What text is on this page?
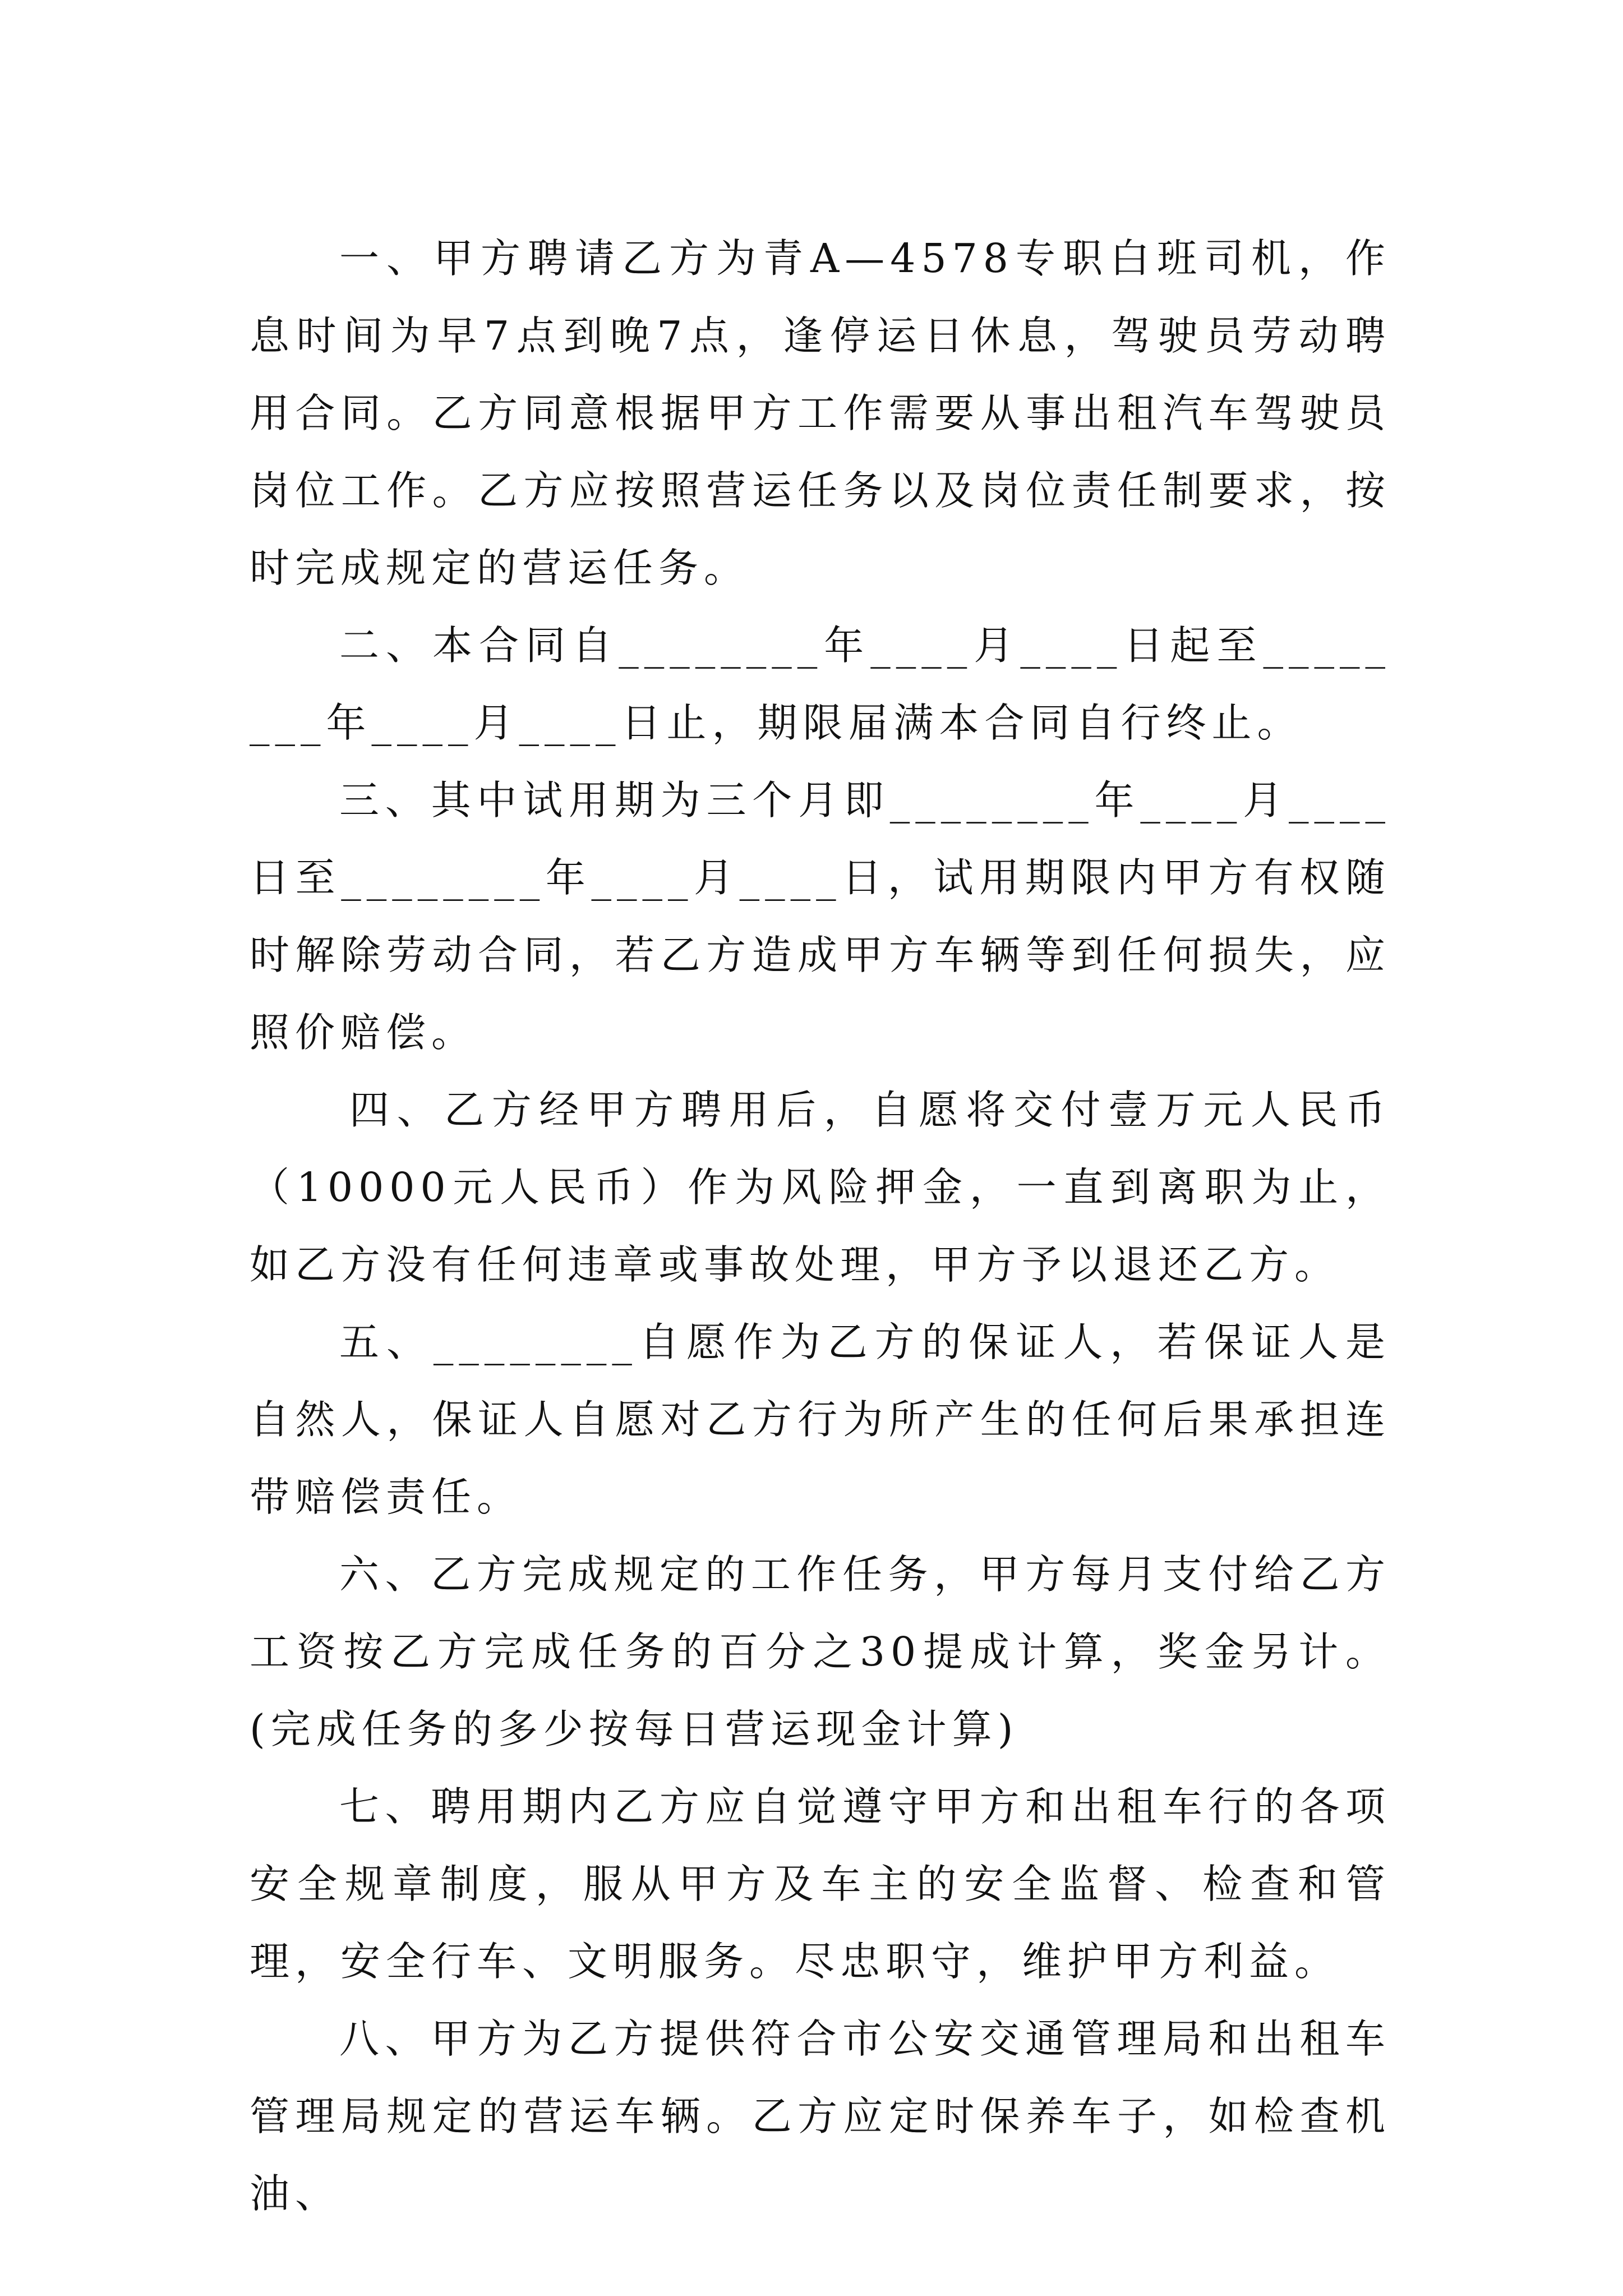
一、甲方聘请乙方为青A—4578专职白班司机，作息时间为早7点到晚7点，逢停运日休息，驾驶员劳动聘用合同。乙方同意根据甲方工作需要从事出租汽车驾驶员岗位工作。乙方应按照营运任务以及岗位责任制要求，按时完成规定的营运任务。

二、本合同自________年____月____日起至________年____月____日止，期限届满本合同自行终止。

三、其中试用期为三个月即________年____月____日至________年____月____日，试用期限内甲方有权随时解除劳动合同，若乙方造成甲方车辆等到任何损失，应照价赔偿。

四、乙方经甲方聘用后，自愿将交付壹万元人民币（10000元人民币）作为风险押金，一直到离职为止，如乙方没有任何违章或事故处理，甲方予以退还乙方。

五、________自愿作为乙方的保证人，若保证人是自然人，保证人自愿对乙方行为所产生的任何后果承担连带赔偿责任。

六、乙方完成规定的工作任务，甲方每月支付给乙方工资按乙方完成任务的百分之30提成计算，奖金另计。(完成任务的多少按每日营运现金计算)

七、聘用期内乙方应自觉遵守甲方和出租车行的各项安全规章制度，服从甲方及车主的安全监督、检查和管理，安全行车、文明服务。尽忠职守，维护甲方利益。

八、甲方为乙方提供符合市公安交通管理局和出租车管理局规定的营运车辆。乙方应定时保养车子，如检查机油、
